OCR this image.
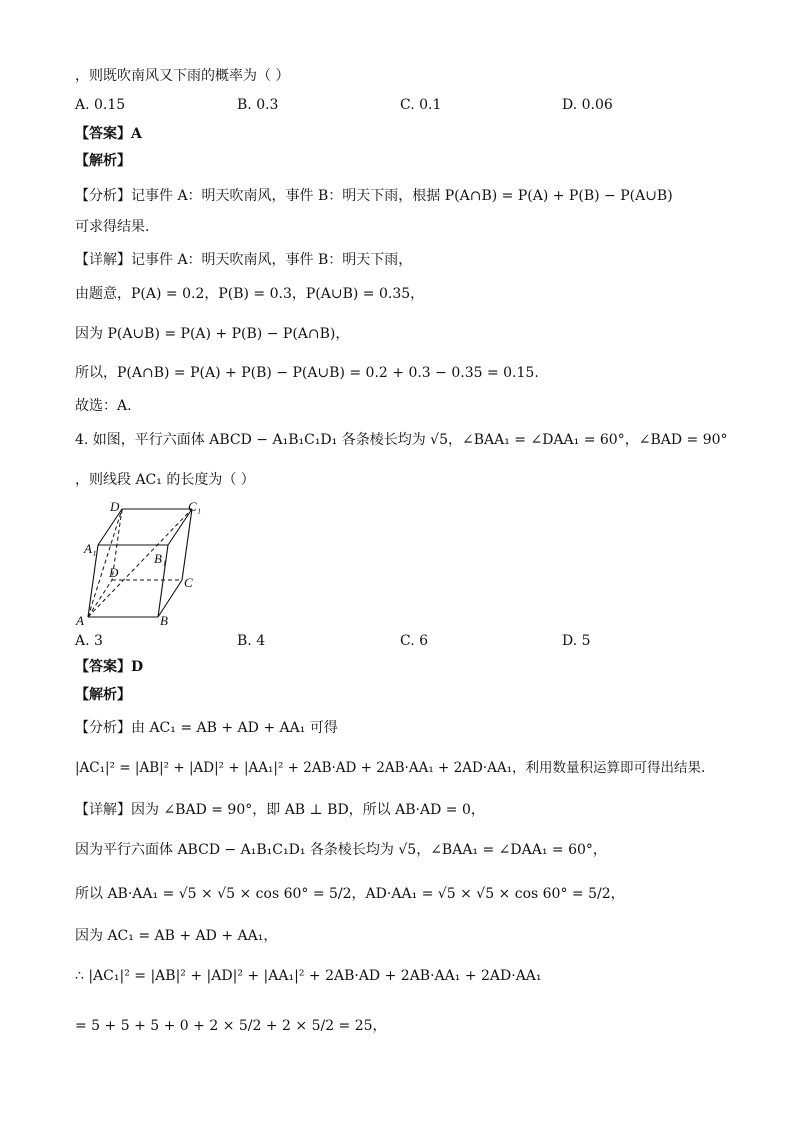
，则既吹南风又下雨的概率为（ ）
A. 0.15	B. 0.3	C. 0.1	D. 0.06
【答案】A
【解析】
【分析】记事件 A：明天吹南风，事件 B：明天下雨，根据 P(A∩B) = P(A) + P(B) − P(A∪B)
可求得结果.
【详解】记事件 A：明天吹南风，事件 B：明天下雨，
由题意，P(A) = 0.2，P(B) = 0.3，P(A∪B) = 0.35，
因为 P(A∪B) = P(A) + P(B) − P(A∩B)，
所以，P(A∩B) = P(A) + P(B) − P(A∪B) = 0.2 + 0.3 − 0.35 = 0.15.
故选：A.
4. 如图，平行六面体 ABCD − A₁B₁C₁D₁ 各条棱长均为 √5，∠BAA₁ = ∠DAA₁ = 60°，∠BAD = 90°
，则线段 AC₁ 的长度为（ ）
D₁	C₁
A₁
B₁
D
C
A	B
A. 3	B. 4	C. 6	D. 5
【答案】D
【解析】
【分析】由 AC₁ = AB + AD + AA₁ 可得
|AC₁|² = |AB|² + |AD|² + |AA₁|² + 2AB·AD + 2AB·AA₁ + 2AD·AA₁，利用数量积运算即可得出结果.
【详解】因为 ∠BAD = 90°，即 AB ⊥ BD，所以 AB·AD = 0，
因为平行六面体 ABCD − A₁B₁C₁D₁ 各条棱长均为 √5，∠BAA₁ = ∠DAA₁ = 60°，
所以 AB·AA₁ = √5 × √5 × cos 60° = 5/2，AD·AA₁ = √5 × √5 × cos 60° = 5/2，
因为 AC₁ = AB + AD + AA₁，
∴ |AC₁|² = |AB|² + |AD|² + |AA₁|² + 2AB·AD + 2AB·AA₁ + 2AD·AA₁
= 5 + 5 + 5 + 0 + 2 × 5/2 + 2 × 5/2 = 25，
